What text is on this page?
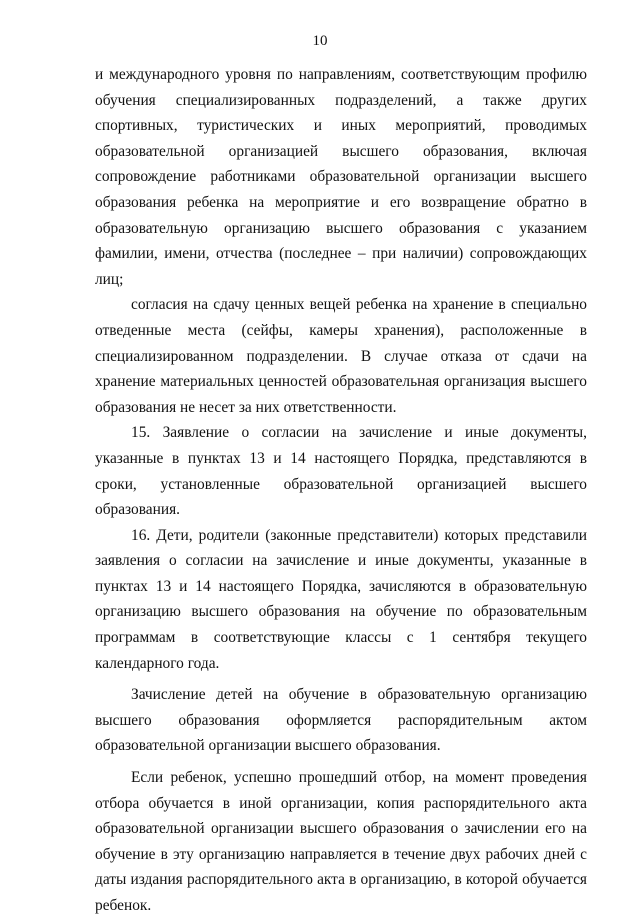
10

и международного уровня по направлениям, соответствующим профилю обучения специализированных подразделений, а также других спортивных, туристических и иных мероприятий, проводимых образовательной организацией высшего образования, включая сопровождение работниками образовательной организации высшего образования ребенка на мероприятие и его возвращение обратно в образовательную организацию высшего образования с указанием фамилии, имени, отчества (последнее – при наличии) сопровождающих лиц;

согласия на сдачу ценных вещей ребенка на хранение в специально отведенные места (сейфы, камеры хранения), расположенные в специализированном подразделении. В случае отказа от сдачи на хранение материальных ценностей образовательная организация высшего образования не несет за них ответственности.

15. Заявление о согласии на зачисление и иные документы, указанные в пунктах 13 и 14 настоящего Порядка, представляются в сроки, установленные образовательной организацией высшего образования.

16. Дети, родители (законные представители) которых представили заявления о согласии на зачисление и иные документы, указанные в пунктах 13 и 14 настоящего Порядка, зачисляются в образовательную организацию высшего образования на обучение по образовательным программам в соответствующие классы с 1 сентября текущего календарного года.

Зачисление детей на обучение в образовательную организацию высшего образования оформляется распорядительным актом образовательной организации высшего образования.

Если ребенок, успешно прошедший отбор, на момент проведения отбора обучается в иной организации, копия распорядительного акта образовательной организации высшего образования о зачислении его на обучение в эту организацию направляется в течение двух рабочих дней с даты издания распорядительного акта в организацию, в которой обучается ребенок.
